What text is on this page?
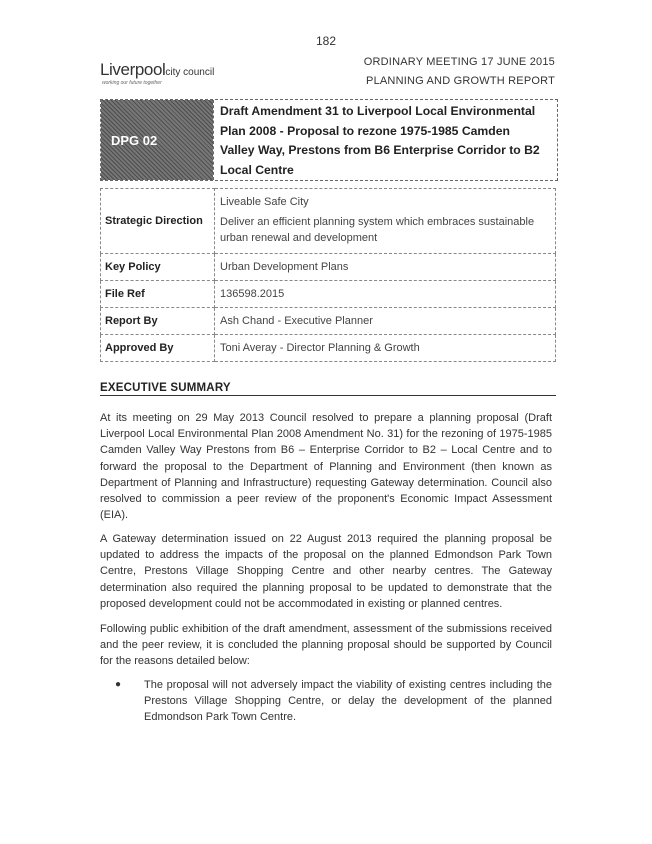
182
Liverpoolcity council
working our future together
ORDINARY MEETING 17 JUNE 2015
PLANNING AND GROWTH REPORT
DPG 02
Draft Amendment 31 to Liverpool Local Environmental Plan 2008 - Proposal to rezone 1975-1985 Camden Valley Way, Prestons from B6 Enterprise Corridor to B2 Local Centre
Strategic Direction	Liveable Safe City
Deliver an efficient planning system which embraces sustainable urban renewal and development

Key Policy	Urban Development Plans
File Ref	136598.2015
Report By	Ash Chand - Executive Planner
Approved By	Toni Averay - Director Planning & Growth
EXECUTIVE SUMMARY
At its meeting on 29 May 2013 Council resolved to prepare a planning proposal (Draft Liverpool Local Environmental Plan 2008 Amendment No. 31) for the rezoning of 1975-1985 Camden Valley Way Prestons from B6 – Enterprise Corridor to B2 – Local Centre and to forward the proposal to the Department of Planning and Environment (then known as Department of Planning and Infrastructure) requesting Gateway determination. Council also resolved to commission a peer review of the proponent's Economic Impact Assessment (EIA).
A Gateway determination issued on 22 August 2013 required the planning proposal be updated to address the impacts of the proposal on the planned Edmondson Park Town Centre, Prestons Village Shopping Centre and other nearby centres. The Gateway determination also required the planning proposal to be updated to demonstrate that the proposed development could not be accommodated in existing or planned centres.
Following public exhibition of the draft amendment, assessment of the submissions received and the peer review, it is concluded the planning proposal should be supported by Council for the reasons detailed below:
●	The proposal will not adversely impact the viability of existing centres including the Prestons Village Shopping Centre, or delay the development of the planned Edmondson Park Town Centre.
